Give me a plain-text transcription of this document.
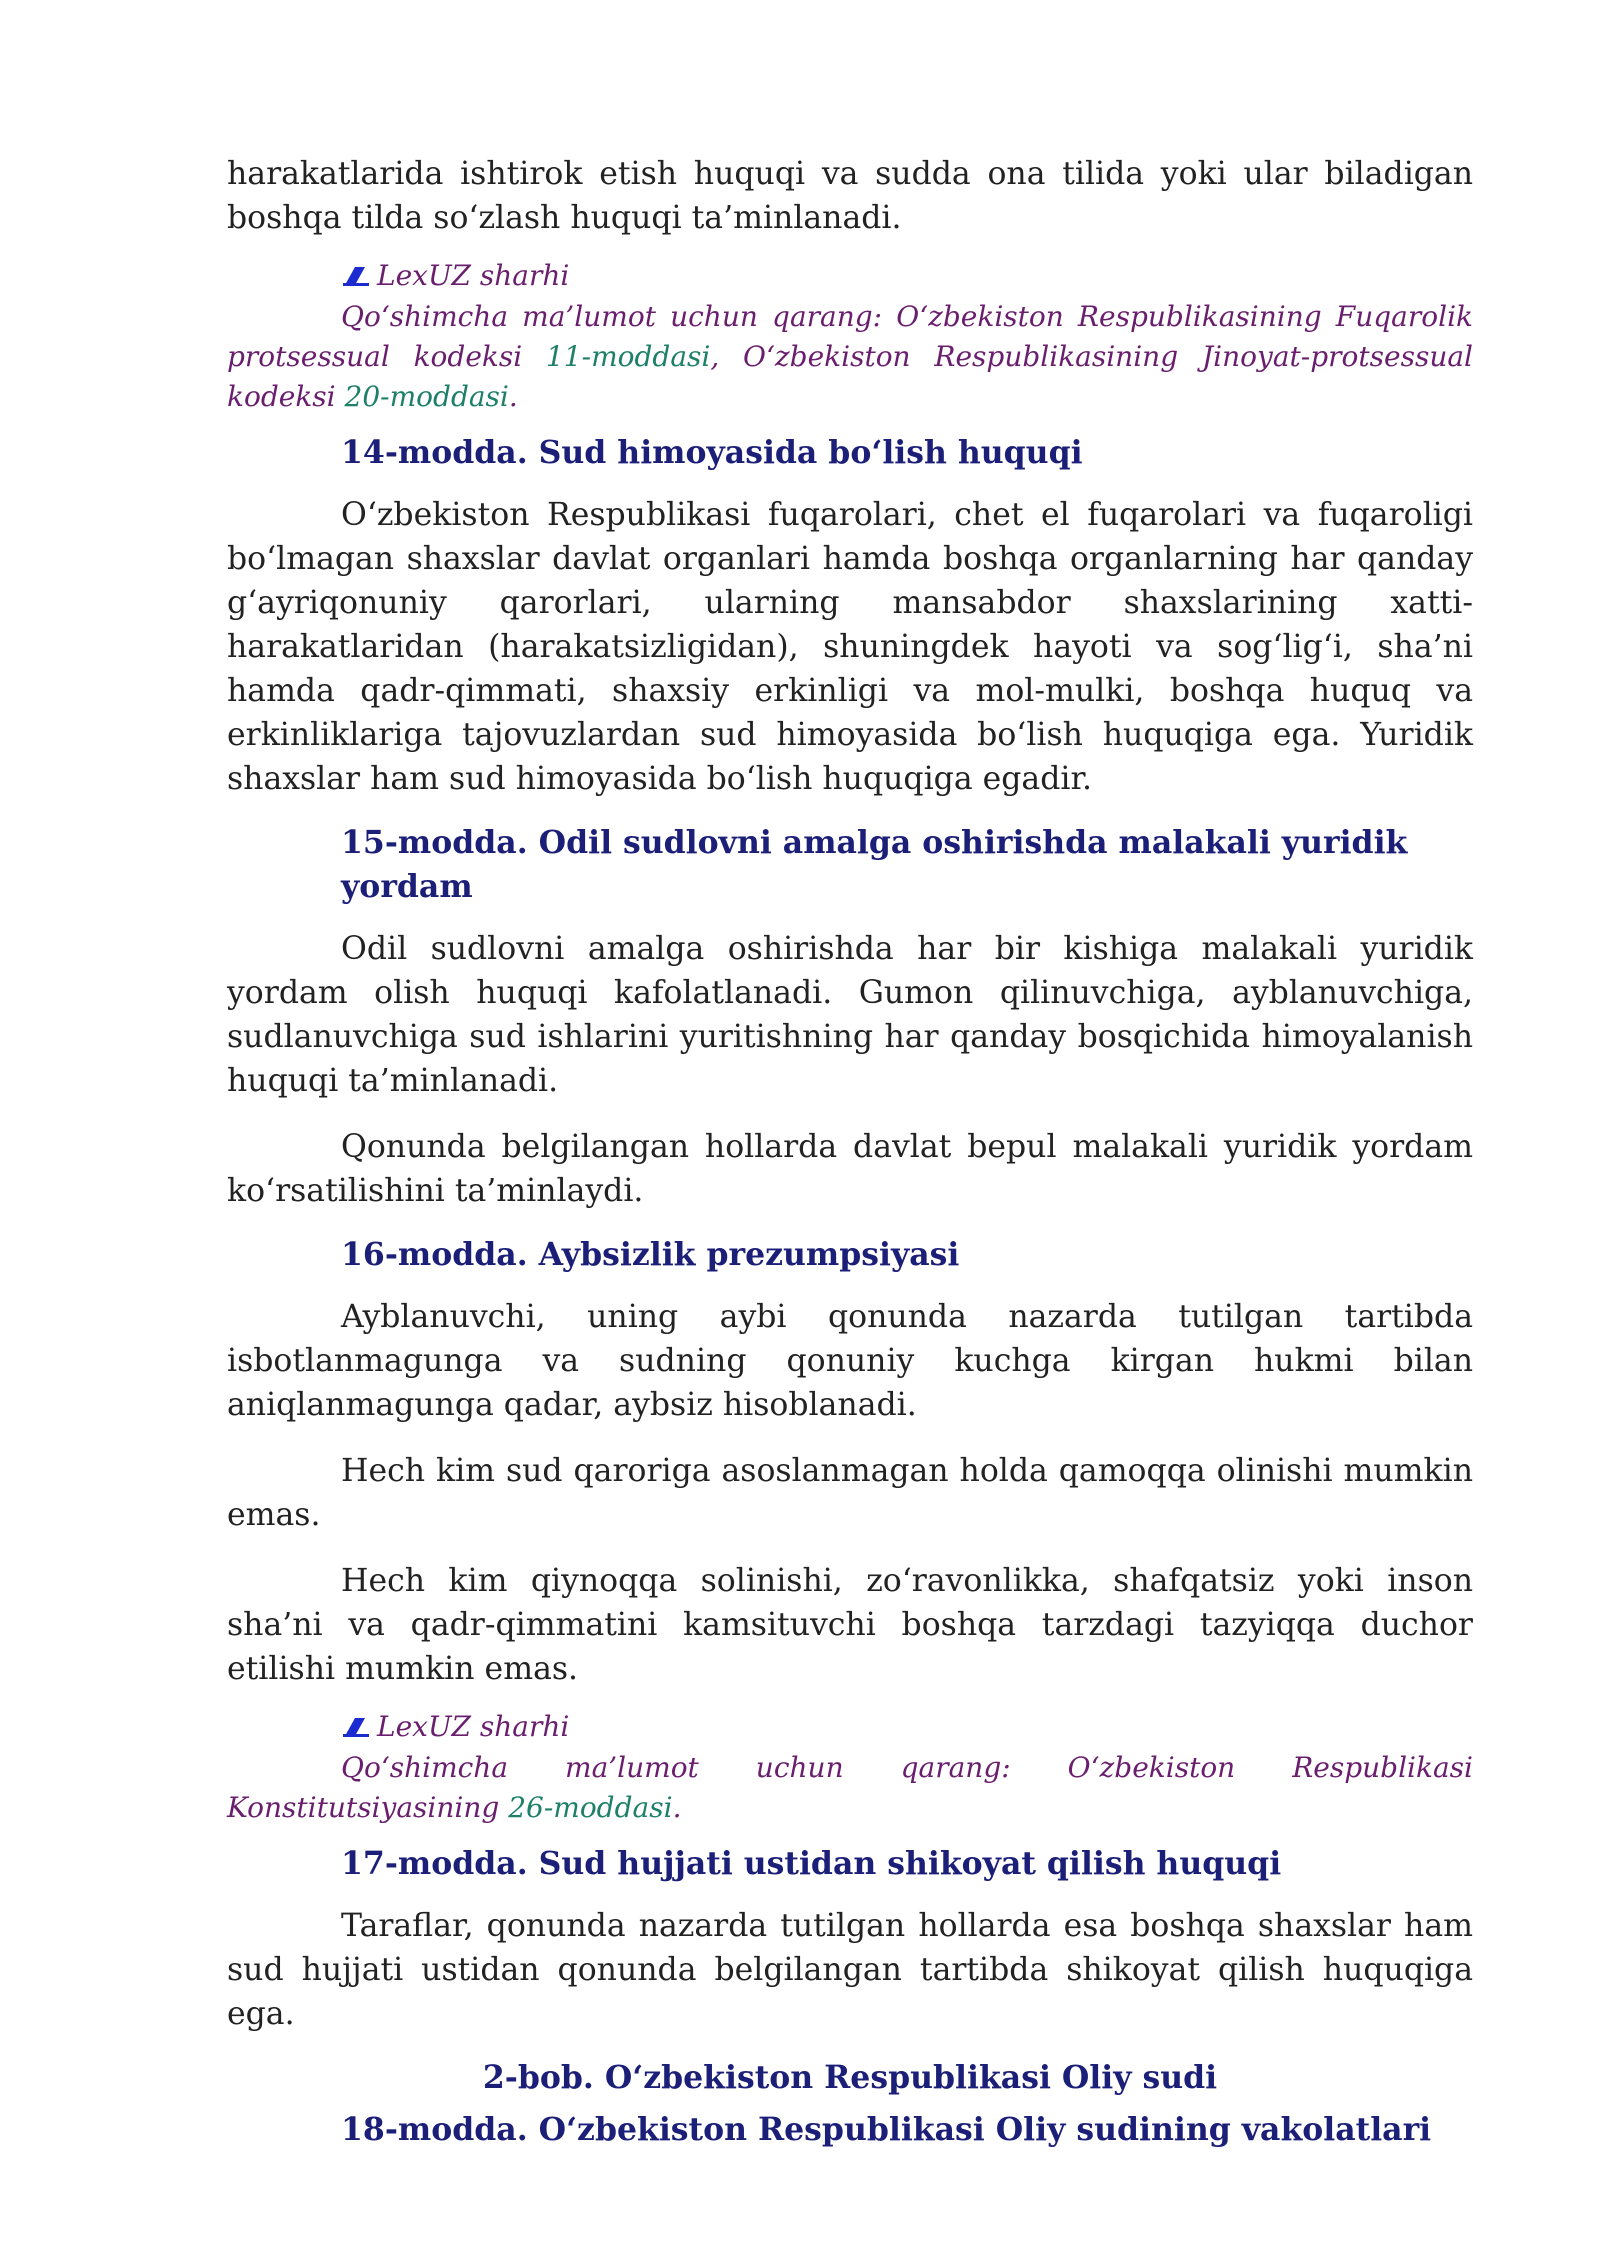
harakatlarida ishtirok etish huquqi va sudda ona tilida yoki ular biladigan boshqa tilda so‘zlash huquqi ta’minlanadi.

LexUZ sharhi

Qo‘shimcha ma’lumot uchun qarang: O‘zbekiston Respublikasining Fuqarolik protsessual kodeksi 11-moddasi, O‘zbekiston Respublikasining Jinoyat-protsessual kodeksi 20-moddasi.

14-modda. Sud himoyasida bo‘lish huquqi

O‘zbekiston Respublikasi fuqarolari, chet el fuqarolari va fuqaroligi bo‘lmagan shaxslar davlat organlari hamda boshqa organlarning har qanday g‘ayriqonuniy qarorlari, ularning mansabdor shaxslarining xatti-harakatlaridan (harakatsizligidan), shuningdek hayoti va sog‘lig‘i, sha’ni hamda qadr-qimmati, shaxsiy erkinligi va mol-mulki, boshqa huquq va erkinliklariga tajovuzlardan sud himoyasida bo‘lish huquqiga ega. Yuridik shaxslar ham sud himoyasida bo‘lish huquqiga egadir.

15-modda. Odil sudlovni amalga oshirishda malakali yuridik yordam

Odil sudlovni amalga oshirishda har bir kishiga malakali yuridik yordam olish huquqi kafolatlanadi. Gumon qilinuvchiga, ayblanuvchiga, sudlanuvchiga sud ishlarini yuritishning har qanday bosqichida himoyalanish huquqi ta’minlanadi.

Qonunda belgilangan hollarda davlat bepul malakali yuridik yordam ko‘rsatilishini ta’minlaydi.

16-modda. Aybsizlik prezumpsiyasi

Ayblanuvchi, uning aybi qonunda nazarda tutilgan tartibda isbotlanmagunga va sudning qonuniy kuchga kirgan hukmi bilan aniqlanmagunga qadar, aybsiz hisoblanadi.

Hech kim sud qaroriga asoslanmagan holda qamoqqa olinishi mumkin emas.

Hech kim qiynoqqa solinishi, zo‘ravonlikka, shafqatsiz yoki inson sha’ni va qadr-qimmatini kamsituvchi boshqa tarzdagi tazyiqqa duchor etilishi mumkin emas.

LexUZ sharhi

Qo‘shimcha ma’lumot uchun qarang: O‘zbekiston Respublikasi Konstitutsiyasining 26-moddasi.

17-modda. Sud hujjati ustidan shikoyat qilish huquqi

Taraflar, qonunda nazarda tutilgan hollarda esa boshqa shaxslar ham sud hujjati ustidan qonunda belgilangan tartibda shikoyat qilish huquqiga ega.

2-bob. O‘zbekiston Respublikasi Oliy sudi
18-modda. O‘zbekiston Respublikasi Oliy sudining vakolatlari
